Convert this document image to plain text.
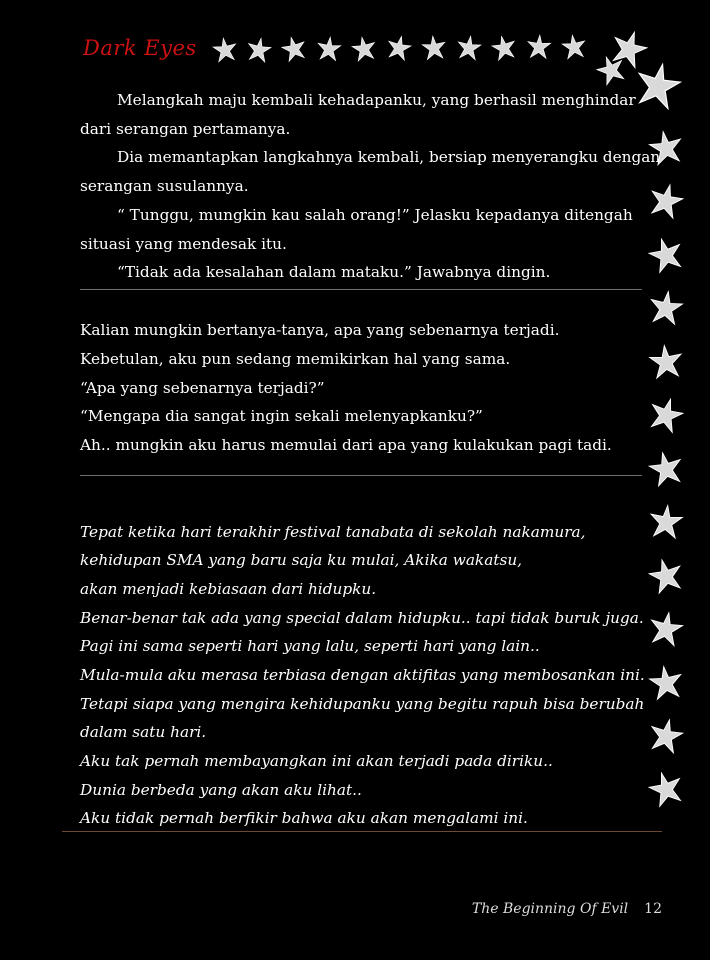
Dark Eyes
Melangkah maju kembali kehadapanku, yang berhasil menghindar
dari serangan pertamanya.
Dia memantapkan langkahnya kembali, bersiap menyerangku dengan
serangan susulannya.
“ Tunggu, mungkin kau salah orang!” Jelasku kepadanya ditengah
situasi yang mendesak itu.
“Tidak ada kesalahan dalam mataku.” Jawabnya dingin.
Kalian mungkin bertanya-tanya, apa yang sebenarnya terjadi.
Kebetulan, aku pun sedang memikirkan hal yang sama.
“Apa yang sebenarnya terjadi?”
“Mengapa dia sangat ingin sekali melenyapkanku?”
Ah.. mungkin aku harus memulai dari apa yang kulakukan pagi tadi.
Tepat ketika hari terakhir festival tanabata di sekolah nakamura,
kehidupan SMA yang baru saja ku mulai, Akika wakatsu,
akan menjadi kebiasaan dari hidupku.
Benar-benar tak ada yang special dalam hidupku.. tapi tidak buruk juga.
Pagi ini sama seperti hari yang lalu, seperti hari yang lain..
Mula-mula aku merasa terbiasa dengan aktifitas yang membosankan ini.
Tetapi siapa yang mengira kehidupanku yang begitu rapuh bisa berubah
dalam satu hari.
Aku tak pernah membayangkan ini akan terjadi pada diriku..
Dunia berbeda yang akan aku lihat..
Aku tidak pernah berfikir bahwa aku akan mengalami ini.
The Beginning Of Evil 12
